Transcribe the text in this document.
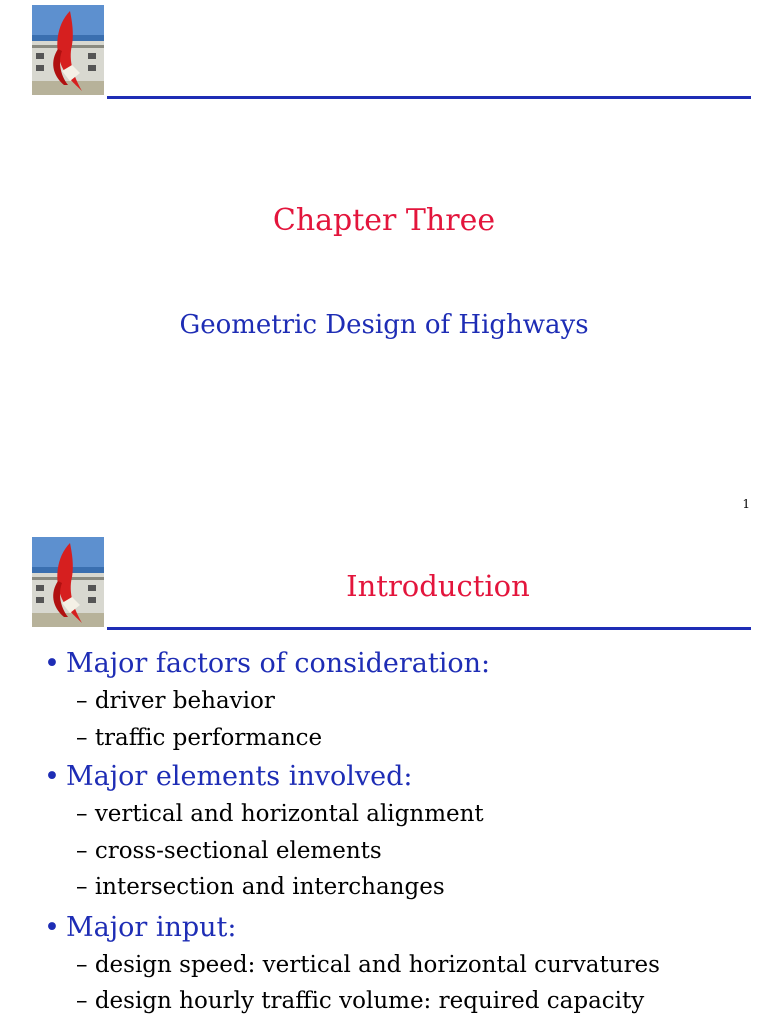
Chapter Three
Geometric Design of Highways
1
Introduction
• Major factors of consideration:
– driver behavior
– traffic performance
• Major elements involved:
– vertical and horizontal alignment
– cross-sectional elements
– intersection and interchanges
• Major input:
– design speed: vertical and horizontal curvatures
– design hourly traffic volume: required capacity
